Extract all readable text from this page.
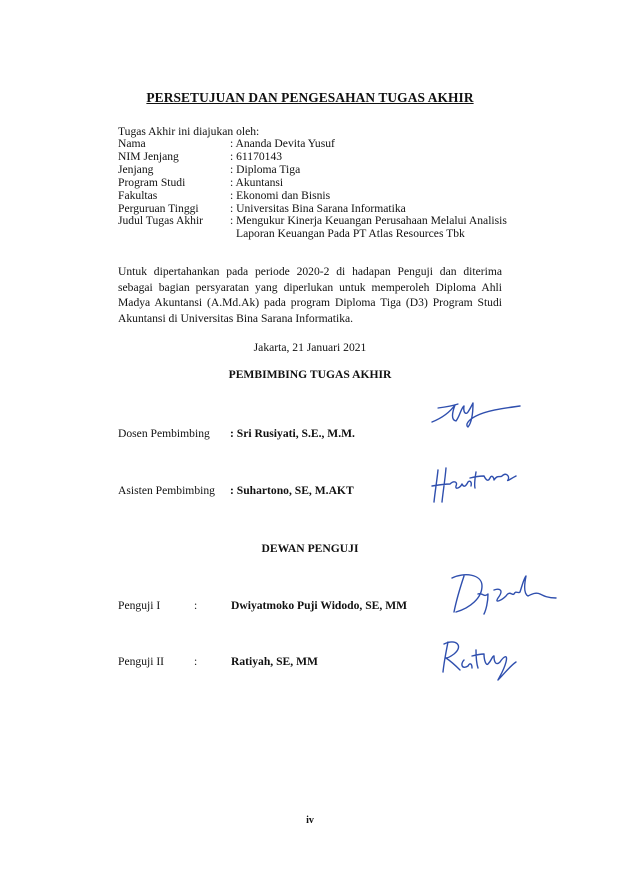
PERSETUJUAN DAN PENGESAHAN TUGAS AKHIR
Tugas Akhir ini diajukan oleh:
Nama	: Ananda Devita Yusuf
NIM Jenjang	: 61170143
Jenjang	: Diploma Tiga
Program Studi	: Akuntansi
Fakultas	: Ekonomi dan Bisnis
Perguruan Tinggi	: Universitas Bina Sarana Informatika
Judul Tugas Akhir	: Mengukur Kinerja Keuangan Perusahaan Melalui Analisis
	Laporan Keuangan Pada PT Atlas Resources Tbk
Untuk dipertahankan pada periode 2020-2 di hadapan Penguji dan diterima sebagai bagian persyaratan yang diperlukan untuk memperoleh Diploma Ahli Madya Akuntansi (A.Md.Ak) pada program Diploma Tiga (D3) Program Studi Akuntansi di Universitas Bina Sarana Informatika.
Jakarta, 21 Januari 2021
PEMBIMBING TUGAS AKHIR
Dosen Pembimbing : Sri Rusiyati, S.E., M.M.
Asisten Pembimbing : Suhartono, SE, M.AKT
DEWAN PENGUJI
Penguji I	:	Dwiyatmoko Puji Widodo, SE, MM
Penguji II	:	Ratiyah, SE, MM
iv
